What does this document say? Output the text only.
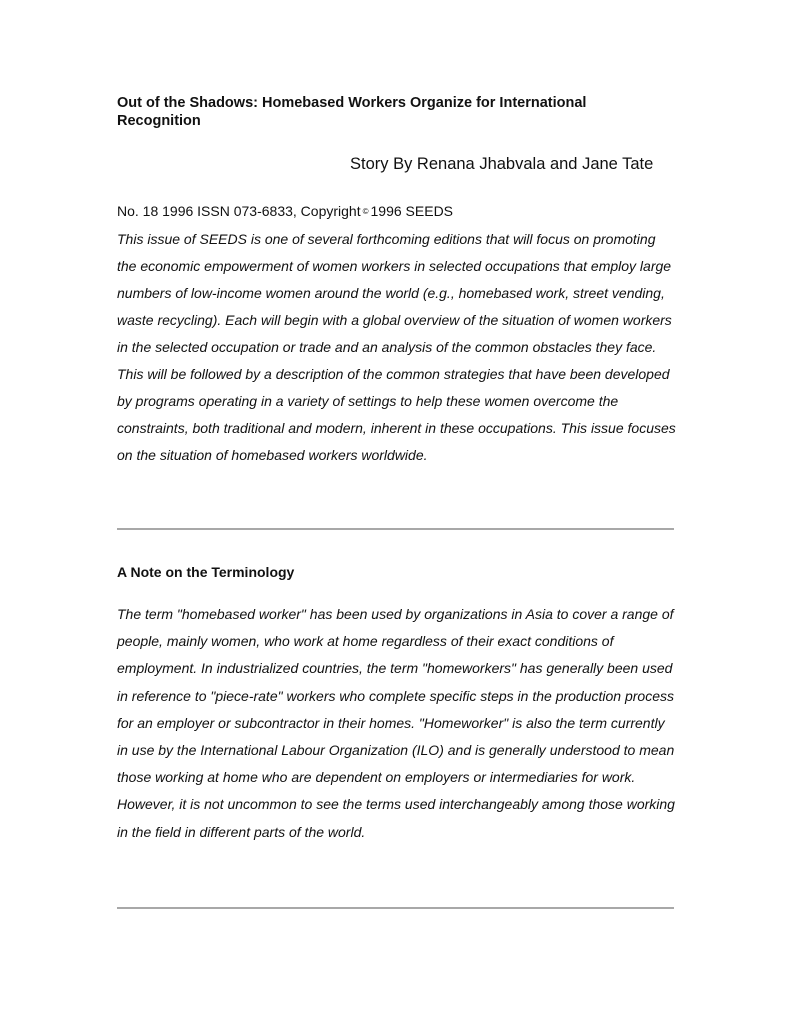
Out of the Shadows: Homebased Workers Organize for International Recognition

Story By Renana Jhabvala and Jane Tate

No. 18 1996 ISSN 073-6833, Copyright © 1996 SEEDS

This issue of SEEDS is one of several forthcoming editions that will focus on promoting the economic empowerment of women workers in selected occupations that employ large numbers of low-income women around the world (e.g., homebased work, street vending, waste recycling). Each will begin with a global overview of the situation of women workers in the selected occupation or trade and an analysis of the common obstacles they face. This will be followed by a description of the common strategies that have been developed by programs operating in a variety of settings to help these women overcome the constraints, both traditional and modern, inherent in these occupations. This issue focuses on the situation of homebased workers worldwide.

A Note on the Terminology

The term "homebased worker" has been used by organizations in Asia to cover a range of people, mainly women, who work at home regardless of their exact conditions of employment. In industrialized countries, the term "homeworkers" has generally been used in reference to "piece-rate" workers who complete specific steps in the production process for an employer or subcontractor in their homes. "Homeworker" is also the term currently in use by the International Labour Organization (ILO) and is generally understood to mean those working at home who are dependent on employers or intermediaries for work. However, it is not uncommon to see the terms used interchangeably among those working in the field in different parts of the world.
